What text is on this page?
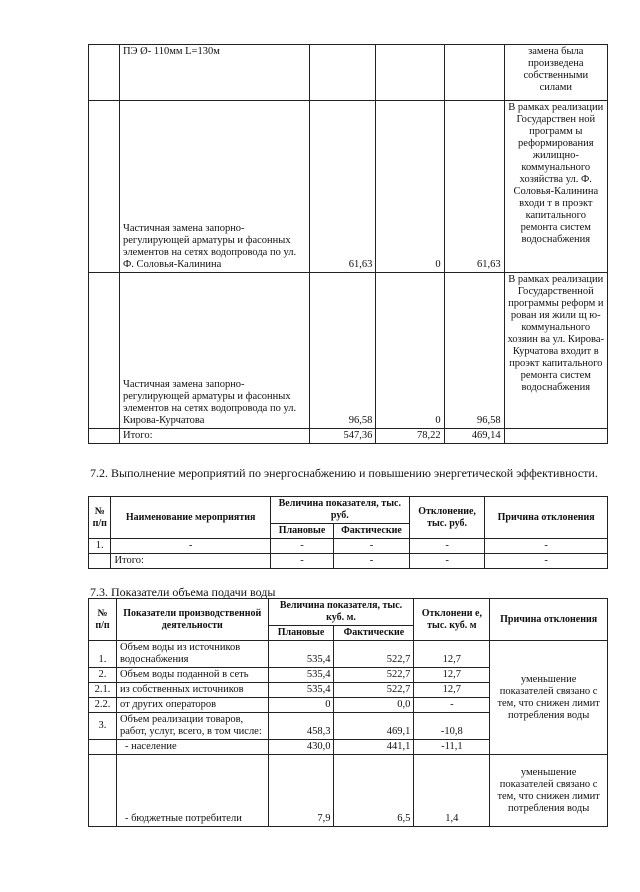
	ПЭ Ø- 110мм L=130м				замена была произведена собственными силами
	Частичная замена запорно-регулирующей арматуры и фасонных элементов на сетях водопровода по ул. Ф. Соловья-Калинина	61,63	0	61,63	В рамках реализации Государствен ной программ ы реформирования жилищно-коммунального хозяйства ул. Ф. Соловья-Калинина входи т в проэкт капитального ремонта систем водоснабжения
	Частичная замена запорно-регулирующей арматуры и фасонных элементов на сетях водопровода по ул. Кирова-Курчатова	96,58	0	96,58	В рамках реализации Государственной программы реформ и рован ия жили щ ю-коммунального хозяин ва ул. Кирова-Курчатова входит в проэкт капитального ремонта систем водоснабжения
	Итого:	547,36	78,22	469,14	
7.2. Выполнение мероприятий по энергоснабжению и повышению энергетической эффективности.
№ п/п	Наименование мероприятия	Величина показателя, тыс. руб.		Отклонение, тыс. руб.	Причина отклонения
		Плановые	Фактические		
1.	-	-	-	-	-
	Итого:	-	-	-	-
7.3. Показатели объема подачи воды
№ п/п	Показатели производственной деятельности	Величина показателя, тыс. куб. м.		Отклонени е, тыс. куб. м	Причина отклонения
		Плановые	Фактические		
1.	Объем воды из источников водоснабжения	535,4	522,7	12,7	уменьшение показателей связано с тем, что снижен лимит потребления воды
2.	Объем воды поданной в сеть	535,4	522,7	12,7	
2.1.	из собственных источников	535,4	522,7	12,7	
2.2.	от других операторов	0	0,0	-	
3.	Объем реализации товаров, работ, услуг, всего, в том числе:	458,3	469,1	-10,8	
	- население	430,0	441,1	-11,1	
	- бюджетные потребители	7,9	6,5	1,4	уменьшение показателей связано с тем, что снижен лимит потребления воды
